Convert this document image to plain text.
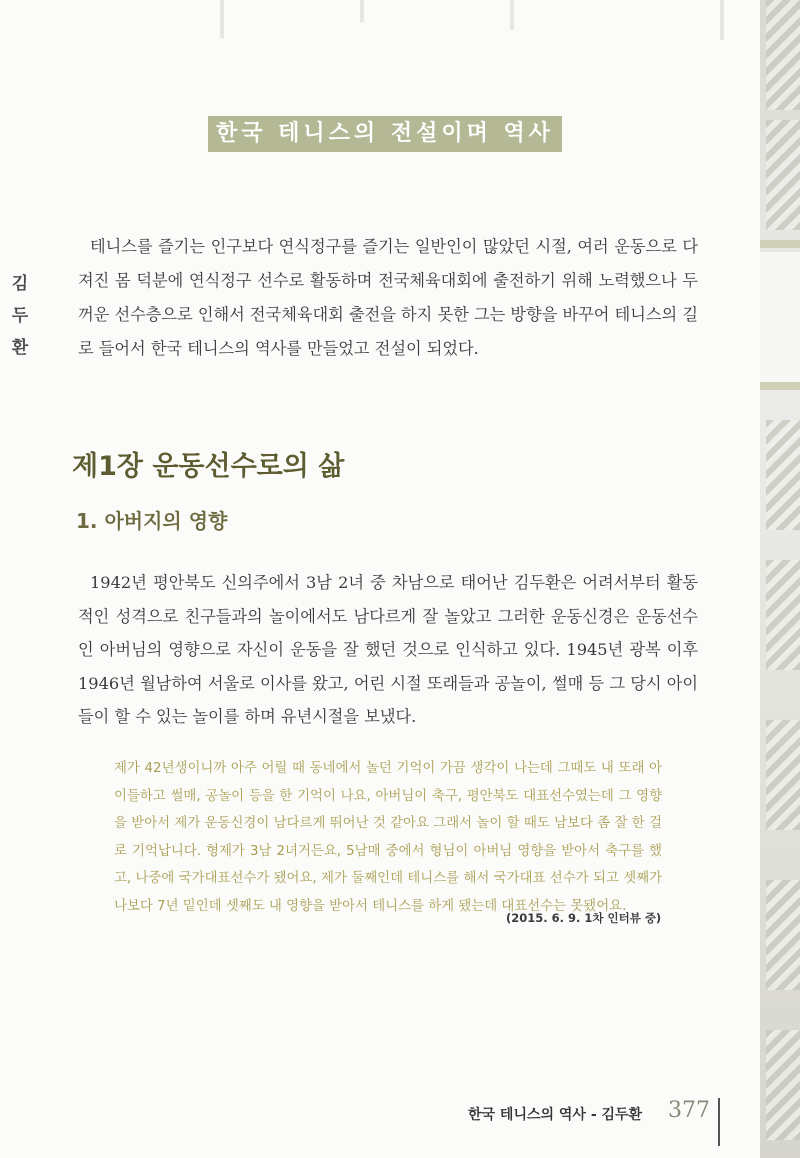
김
두
환
한국 테니스의 전설이며 역사

테니스를 즐기는 인구보다 연식정구를 즐기는 일반인이 많았던 시절, 여러 운동으로 다져진 몸 덕분에 연식정구 선수로 활동하며 전국체육대회에 출전하기 위해 노력했으나 두꺼운 선수층으로 인해서 전국체육대회 출전을 하지 못한 그는 방향을 바꾸어 테니스의 길로 들어서 한국 테니스의 역사를 만들었고 전설이 되었다.

제1장 운동선수로의 삶
1. 아버지의 영향

1942년 평안북도 신의주에서 3남 2녀 중 차남으로 태어난 김두환은 어려서부터 활동적인 성격으로 친구들과의 놀이에서도 남다르게 잘 놀았고 그러한 운동신경은 운동선수인 아버님의 영향으로 자신이 운동을 잘 했던 것으로 인식하고 있다. 1945년 광복 이후 1946년 월남하여 서울로 이사를 왔고, 어린 시절 또래들과 공놀이, 썰매 등 그 당시 아이들이 할 수 있는 놀이를 하며 유년시절을 보냈다.

제가 42년생이니까 아주 어릴 때 동네에서 놀던 기억이 가끔 생각이 나는데 그때도 내 또래 아이들하고 썰매, 공놀이 등을 한 기억이 나요, 아버님이 축구, 평안북도 대표선수였는데 그 영향을 받아서 제가 운동신경이 남다르게 뛰어난 것 같아요 그래서 놀이 할 때도 남보다 좀 잘 한 걸로 기억납니다. 형제가 3남 2녀거든요, 5남매 중에서 형님이 아버님 영향을 받아서 축구를 했고, 나중에 국가대표선수가 됐어요, 제가 둘째인데 테니스를 해서 국가대표 선수가 되고 셋째가 나보다 7년 밑인데 셋째도 내 영향을 받아서 테니스를 하게 됐는데 대표선수는 못됐어요.

(2015. 6. 9. 1차 인터뷰 중)
한국 테니스의 역사 - 김두환 377
